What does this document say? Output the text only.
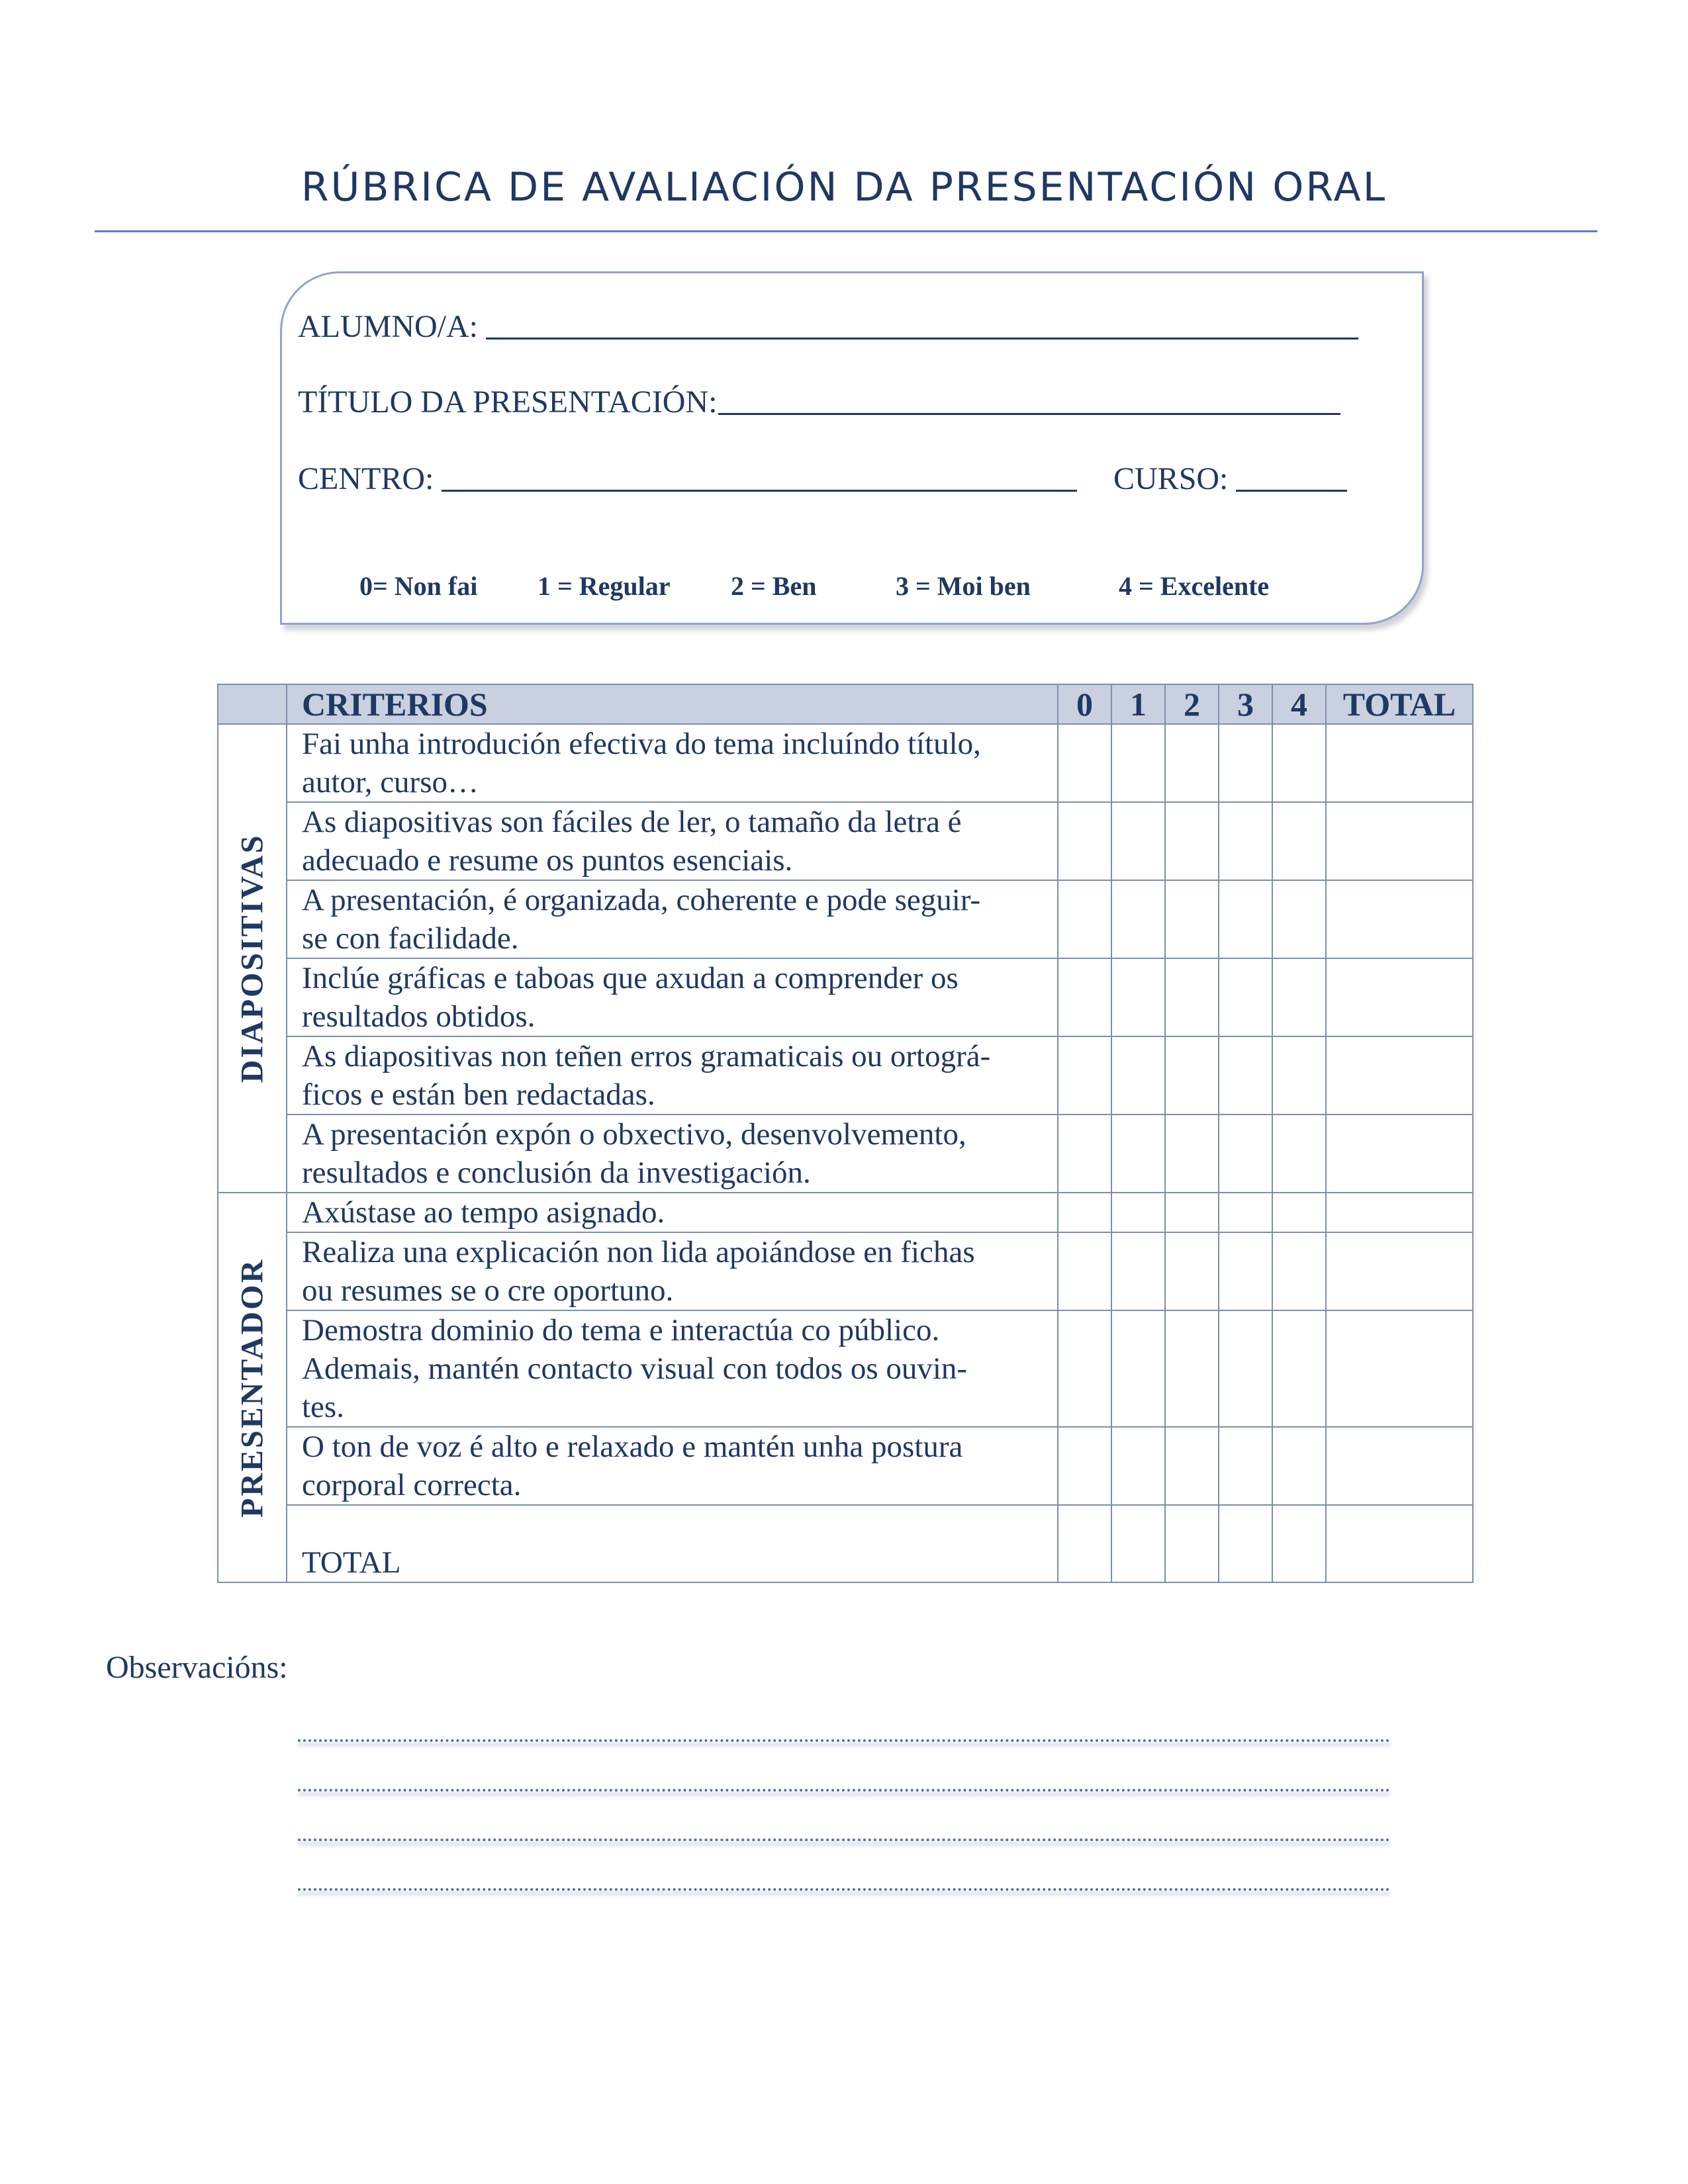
RÚBRICA DE AVALIACIÓN DA PRESENTACIÓN ORAL
ALUMNO/A:
TÍTULO DA PRESENTACIÓN:
CENTRO:	CURSO:
0= Non fai 1 = Regular 2 = Ben	3 = Moi ben	4 = Excelente
	CRITERIOS	0	1	2	3	4	TOTAL

DIAPOSITIVAS	Fai unha introdución efectiva do tema incluíndo título,
autor, curso…						

	As diapositivas son fáciles de ler, o tamaño da letra é
adecuado e resume os puntos esenciais.						

	A presentación, é organizada, coherente e pode seguir-
se con facilidade.						

	Inclúe gráficas e taboas que axudan a comprender os
resultados obtidos.						

	As diapositivas non teñen erros gramaticais ou ortográ-
ficos e están ben redactadas.						

	A presentación expón o obxectivo, desenvolvemento,
resultados e conclusión da investigación.						

PRESENTADOR	Axústase ao tempo asignado.						

	Realiza una explicación non lida apoiándose en fichas
ou resumes se o cre oportuno.						

	Demostra dominio do tema e interactúa co público.
Ademais, mantén contacto visual con todos os ouvin-
tes.						

	O ton de voz é alto e relaxado e mantén unha postura
corporal correcta.						

	TOTAL						

Observacións:
